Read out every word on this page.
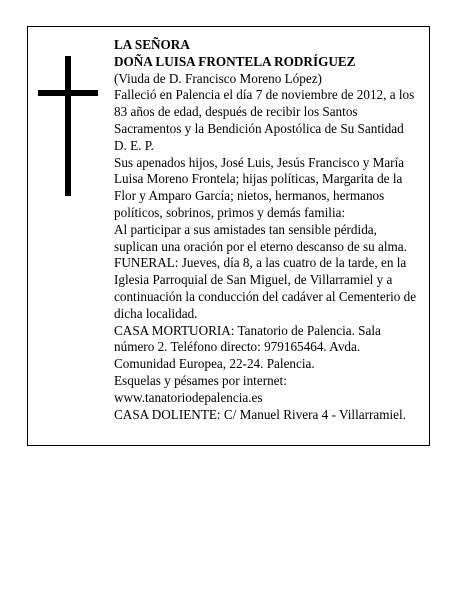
LA SEÑORA

DOÑA LUISA FRONTELA RODRÍGUEZ

(Viuda de D. Francisco Moreno López)

Falleció en Palencia el día 7 de noviembre de 2012, a los 83 años de edad, después de recibir los Santos Sacramentos y la Bendición Apostólica de Su Santidad

D. E. P.

Sus apenados hijos, José Luis, Jesús Francisco y María Luisa Moreno Frontela; hijas políticas, Margarita de la Flor y Amparo García; nietos, hermanos, hermanos políticos, sobrinos, primos y demás familia:

Al participar a sus amistades tan sensible pérdida, suplican una oración por el eterno descanso de su alma.

FUNERAL: Jueves, día 8, a las cuatro de la tarde, en la Iglesia Parroquial de San Miguel, de Villarramiel y a continuación la conducción del cadáver al Cementerio de dicha localidad.

CASA MORTUORIA: Tanatorio de Palencia. Sala número 2. Teléfono directo: 979165464. Avda. Comunidad Europea, 22-24. Palencia.

Esquelas y pésames por internet:

www.tanatoriodepalencia.es

CASA DOLIENTE: C/ Manuel Rivera 4 - Villarramiel.
